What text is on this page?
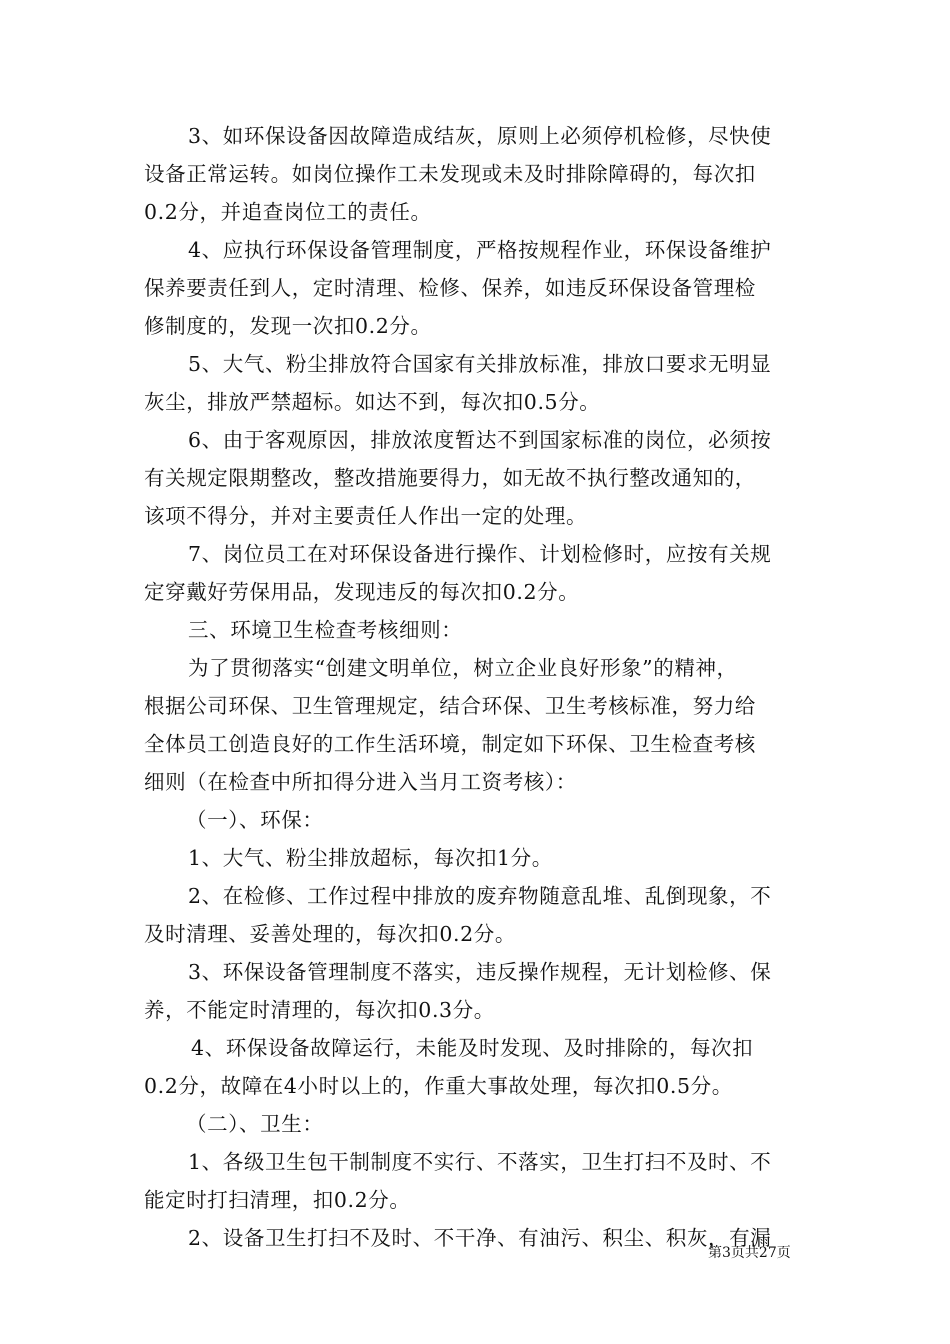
3、如环保设备因故障造成结灰，原则上必须停机检修，尽快使
设备正常运转。如岗位操作工未发现或未及时排除障碍的，每次扣
0.2分，并追查岗位工的责任。
4、应执行环保设备管理制度，严格按规程作业，环保设备维护
保养要责任到人，定时清理、检修、保养，如违反环保设备管理检
修制度的，发现一次扣0.2分。
5、大气、粉尘排放符合国家有关排放标准，排放口要求无明显
灰尘，排放严禁超标。如达不到，每次扣0.5分。
6、由于客观原因，排放浓度暂达不到国家标准的岗位，必须按
有关规定限期整改，整改措施要得力，如无故不执行整改通知的，
该项不得分，并对主要责任人作出一定的处理。
7、岗位员工在对环保设备进行操作、计划检修时，应按有关规
定穿戴好劳保用品，发现违反的每次扣0.2分。
三、环境卫生检查考核细则：
为了贯彻落实“创建文明单位，树立企业良好形象”的精神，
根据公司环保、卫生管理规定，结合环保、卫生考核标准，努力给
全体员工创造良好的工作生活环境，制定如下环保、卫生检查考核
细则（在检查中所扣得分进入当月工资考核）：
（一）、环保：
1、大气、粉尘排放超标，每次扣1分。
2、在检修、工作过程中排放的废弃物随意乱堆、乱倒现象，不
及时清理、妥善处理的，每次扣0.2分。
3、环保设备管理制度不落实，违反操作规程，无计划检修、保
养，不能定时清理的，每次扣0.3分。
4、环保设备故障运行，未能及时发现、及时排除的，每次扣
0.2分，故障在4小时以上的，作重大事故处理，每次扣0.5分。
（二）、卫生：
1、各级卫生包干制制度不实行、不落实，卫生打扫不及时、不
能定时打扫清理，扣0.2分。
2、设备卫生打扫不及时、不干净、有油污、积尘、积灰，有漏
第3页共27页
